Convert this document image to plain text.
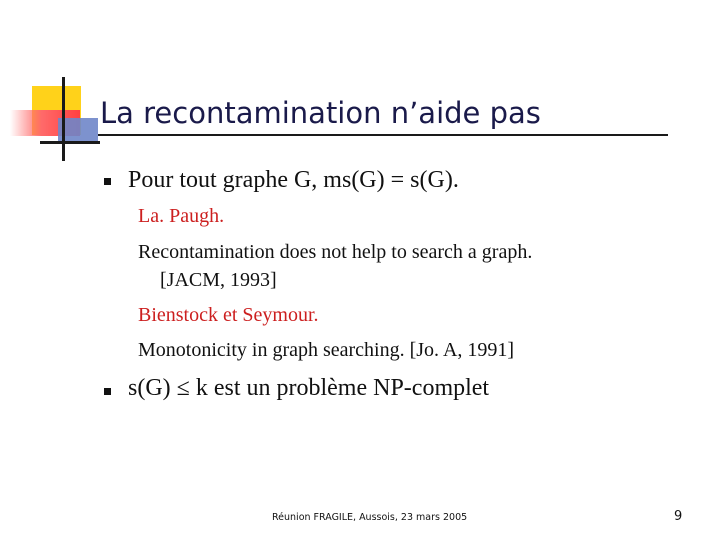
La recontamination n’aide pas
Pour tout graphe G, ms(G) = s(G).
La. Paugh.
Recontamination does not help to search a graph.
[JACM, 1993]
Bienstock et Seymour.
Monotonicity in graph searching. [Jo. A, 1991]
s(G) ≤ k est un problème NP-complet
Réunion FRAGILE, Aussois, 23 mars 2005	9
